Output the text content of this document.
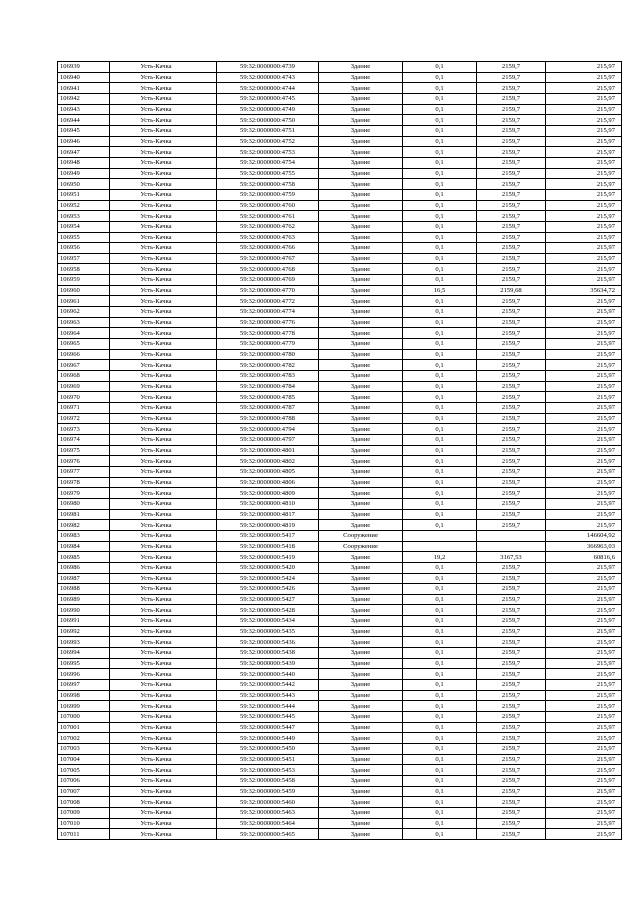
106939	Усть-Качка	59:32:0000000:4739	Здание	0,1	2159,7	215,97
106940	Усть-Качка	59:32:0000000:4743	Здание	0,1	2159,7	215,97
106941	Усть-Качка	59:32:0000000:4744	Здание	0,1	2159,7	215,97
106942	Усть-Качка	59:32:0000000:4745	Здание	0,1	2159,7	215,97
106943	Усть-Качка	59:32:0000000:4749	Здание	0,1	2159,7	215,97
106944	Усть-Качка	59:32:0000000:4750	Здание	0,1	2159,7	215,97
106945	Усть-Качка	59:32:0000000:4751	Здание	0,1	2159,7	215,97
106946	Усть-Качка	59:32:0000000:4752	Здание	0,1	2159,7	215,97
106947	Усть-Качка	59:32:0000000:4753	Здание	0,1	2159,7	215,97
106948	Усть-Качка	59:32:0000000:4754	Здание	0,1	2159,7	215,97
106949	Усть-Качка	59:32:0000000:4755	Здание	0,1	2159,7	215,97
106950	Усть-Качка	59:32:0000000:4758	Здание	0,1	2159,7	215,97
106951	Усть-Качка	59:32:0000000:4759	Здание	0,1	2159,7	215,97
106952	Усть-Качка	59:32:0000000:4760	Здание	0,1	2159,7	215,97
106953	Усть-Качка	59:32:0000000:4761	Здание	0,1	2159,7	215,97
106954	Усть-Качка	59:32:0000000:4762	Здание	0,1	2159,7	215,97
106955	Усть-Качка	59:32:0000000:4763	Здание	0,1	2159,7	215,97
106956	Усть-Качка	59:32:0000000:4766	Здание	0,1	2159,7	215,97
106957	Усть-Качка	59:32:0000000:4767	Здание	0,1	2159,7	215,97
106958	Усть-Качка	59:32:0000000:4768	Здание	0,1	2159,7	215,97
106959	Усть-Качка	59:32:0000000:4769	Здание	0,1	2159,7	215,97
106960	Усть-Качка	59:32:0000000:4770	Здание	16,5	2159,68	35634,72
106961	Усть-Качка	59:32:0000000:4772	Здание	0,1	2159,7	215,97
106962	Усть-Качка	59:32:0000000:4774	Здание	0,1	2159,7	215,97
106963	Усть-Качка	59:32:0000000:4776	Здание	0,1	2159,7	215,97
106964	Усть-Качка	59:32:0000000:4778	Здание	0,1	2159,7	215,97
106965	Усть-Качка	59:32:0000000:4779	Здание	0,1	2159,7	215,97
106966	Усть-Качка	59:32:0000000:4780	Здание	0,1	2159,7	215,97
106967	Усть-Качка	59:32:0000000:4782	Здание	0,1	2159,7	215,97
106968	Усть-Качка	59:32:0000000:4783	Здание	0,1	2159,7	215,97
106969	Усть-Качка	59:32:0000000:4784	Здание	0,1	2159,7	215,97
106970	Усть-Качка	59:32:0000000:4785	Здание	0,1	2159,7	215,97
106971	Усть-Качка	59:32:0000000:4787	Здание	0,1	2159,7	215,97
106972	Усть-Качка	59:32:0000000:4788	Здание	0,1	2159,7	215,97
106973	Усть-Качка	59:32:0000000:4794	Здание	0,1	2159,7	215,97
106974	Усть-Качка	59:32:0000000:4797	Здание	0,1	2159,7	215,97
106975	Усть-Качка	59:32:0000000:4801	Здание	0,1	2159,7	215,97
106976	Усть-Качка	59:32:0000000:4802	Здание	0,1	2159,7	215,97
106977	Усть-Качка	59:32:0000000:4805	Здание	0,1	2159,7	215,97
106978	Усть-Качка	59:32:0000000:4806	Здание	0,1	2159,7	215,97
106979	Усть-Качка	59:32:0000000:4809	Здание	0,1	2159,7	215,97
106980	Усть-Качка	59:32:0000000:4810	Здание	0,1	2159,7	215,97
106981	Усть-Качка	59:32:0000000:4817	Здание	0,1	2159,7	215,97
106982	Усть-Качка	59:32:0000000:4819	Здание	0,1	2159,7	215,97
106983	Усть-Качка	59:32:0000000:5417	Сооружение			146604,92
106984	Усть-Качка	59:32:0000000:5418	Сооружение			366963,03
106985	Усть-Качка	59:32:0000000:5419	Здание	19,2	3167,53	60816,6
106986	Усть-Качка	59:32:0000000:5420	Здание	0,1	2159,7	215,97
106987	Усть-Качка	59:32:0000000:5424	Здание	0,1	2159,7	215,97
106988	Усть-Качка	59:32:0000000:5426	Здание	0,1	2159,7	215,97
106989	Усть-Качка	59:32:0000000:5427	Здание	0,1	2159,7	215,97
106990	Усть-Качка	59:32:0000000:5428	Здание	0,1	2159,7	215,97
106991	Усть-Качка	59:32:0000000:5434	Здание	0,1	2159,7	215,97
106992	Усть-Качка	59:32:0000000:5435	Здание	0,1	2159,7	215,97
106993	Усть-Качка	59:32:0000000:5436	Здание	0,1	2159,7	215,97
106994	Усть-Качка	59:32:0000000:5438	Здание	0,1	2159,7	215,97
106995	Усть-Качка	59:32:0000000:5439	Здание	0,1	2159,7	215,97
106996	Усть-Качка	59:32:0000000:5440	Здание	0,1	2159,7	215,97
106997	Усть-Качка	59:32:0000000:5442	Здание	0,1	2159,7	215,97
106998	Усть-Качка	59:32:0000000:5443	Здание	0,1	2159,7	215,97
106999	Усть-Качка	59:32:0000000:5444	Здание	0,1	2159,7	215,97
107000	Усть-Качка	59:32:0000000:5445	Здание	0,1	2159,7	215,97
107001	Усть-Качка	59:32:0000000:5447	Здание	0,1	2159,7	215,97
107002	Усть-Качка	59:32:0000000:5449	Здание	0,1	2159,7	215,97
107003	Усть-Качка	59:32:0000000:5450	Здание	0,1	2159,7	215,97
107004	Усть-Качка	59:32:0000000:5451	Здание	0,1	2159,7	215,97
107005	Усть-Качка	59:32:0000000:5453	Здание	0,1	2159,7	215,97
107006	Усть-Качка	59:32:0000000:5458	Здание	0,1	2159,7	215,97
107007	Усть-Качка	59:32:0000000:5459	Здание	0,1	2159,7	215,97
107008	Усть-Качка	59:32:0000000:5460	Здание	0,1	2159,7	215,97
107009	Усть-Качка	59:32:0000000:5463	Здание	0,1	2159,7	215,97
107010	Усть-Качка	59:32:0000000:5464	Здание	0,1	2159,7	215,97
107011	Усть-Качка	59:32:0000000:5465	Здание	0,1	2159,7	215,97
